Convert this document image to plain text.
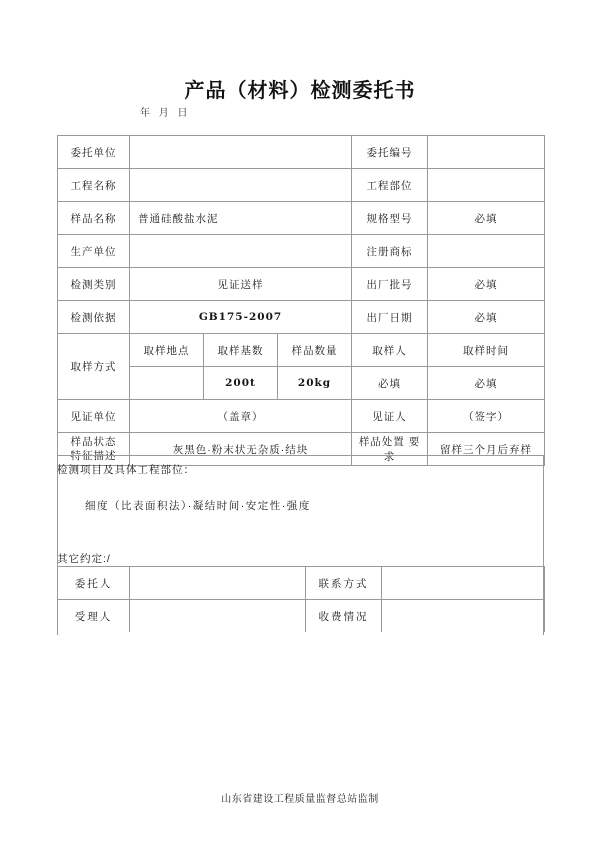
产品（材料）检测委托书
年 月 日
委托单位				委托编号	
工程名称				工程部位	
样品名称	普通硅酸盐水泥			规格型号	必填
生产单位				注册商标	
检测类别	见证送样			出厂批号	必填
检测依据	GB175-2007			出厂日期	必填
取样方式	取样地点	取样基数	样品数量	取样人	取样时间
		200t	20kg	必填	必填
见证单位	（盖章）			见证人	（签字）
样品状态
特征描述	灰黑色·粉末状无杂质·结块			样品处置 要求	留样三个月后弃样
检测项目及具体工程部位：
细度（比表面积法）·凝结时间·安定性·强度
其它约定:/
委托人		联系方式	
受理人		收费情况	
山东省建设工程质量监督总站监制
